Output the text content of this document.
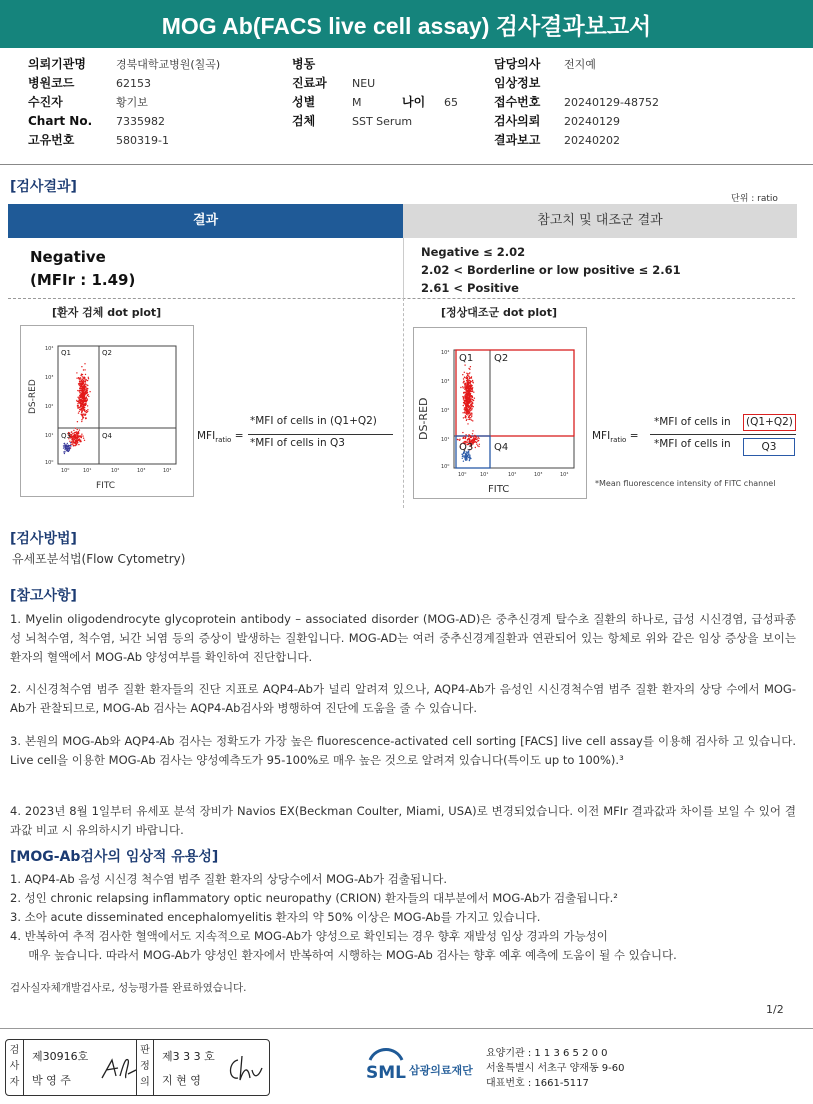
MOG Ab(FACS live cell assay) 검사결과보고서
의뢰기관명	경북대학교병원(칠곡)
병원코드	62153
수진자	황기보
Chart No. 7335982
고유번호	580319-1
병동
진료과 NEU
성별	M	나이 65
검체	SST Serum
담당의사 전지예
임상정보
접수번호 20240129-48752
검사의뢰 20240129
결과보고 20240202
[검사결과]
단위 : ratio
결과	참고치 및 대조군 결과
Negative
(MFIr : 1.49)
Negative ≤ 2.02
2.02 < Borderline or low positive ≤ 2.61
2.61 < Positive
[환자 검체 dot plot]	[정상대조군 dot plot]
Q1	Q2
Q3	Q4
10⁴
10³
10²
10¹
10⁰
10⁰	10¹	10²	10³	10⁴
DS-RED
FITC
$MFI_{ratio}$ =
*MFI of cells in (Q1+Q2)
*MFI of cells in Q3
Q1 Q2
Q3 Q4
10⁴
10³
10²
10¹
10⁰
10⁰	10¹	10²	10³	10⁴
DS-RED
FITC
$MFI_{ratio}$ =
*MFI of cells in (Q1+Q2)
*MFI of cells in	Q3
*Mean fluorescence intensity of FITC channel
[검사방법]
유세포분석법(Flow Cytometry)
[참고사항]
1. Myelin oligodendrocyte glycoprotein antibody – associated disorder (MOG-AD)은 중추신경계 탈수초 질환의 하나로, 급성 시신경염, 급성파종성 뇌척수염, 척수염, 뇌간 뇌염 등의 증상이 발생하는 질환입니다. MOG-AD는 여러 중추신경계질환과 연관되어 있는 항체로 위와 같은 임상 증상을 보이는 환자의 혈액에서 MOG-Ab 양성여부를 확인하여 진단합니다.
2. 시신경척수염 범주 질환 환자들의 진단 지표로 AQP4-Ab가 널리 알려져 있으나, AQP4-Ab가 음성인 시신경척수염 범주 질환 환자의 상당 수에서 MOG-Ab가 관찰되므로, MOG-Ab 검사는 AQP4-Ab검사와 병행하여 진단에 도움을 줄 수 있습니다.
3. 본원의 MOG-Ab와 AQP4-Ab 검사는 정확도가 가장 높은 fluorescence-activated cell sorting [FACS] live cell assay를 이용해 검사하 고 있습니다. Live cell을 이용한 MOG-Ab 검사는 양성예측도가 95-100%로 매우 높은 것으로 알려져 있습니다(특이도 up to 100%).³
4. 2023년 8월 1일부터 유세포 분석 장비가 Navios EX(Beckman Coulter, Miami, USA)로 변경되었습니다. 이전 MFIr 결과값과 차이를 보일 수 있어 결과값 비교 시 유의하시기 바랍니다.
[MOG-Ab검사의 임상적 유용성]
1. AQP4-Ab 음성 시신경 척수염 범주 질환 환자의 상당수에서 MOG-Ab가 검출됩니다.
2. 성인 chronic relapsing inflammatory optic neuropathy (CRION) 환자들의 대부분에서 MOG-Ab가 검출됩니다.²
3. 소아 acute disseminated encephalomyelitis 환자의 약 50% 이상은 MOG-Ab를 가지고 있습니다.
4. 반복하여 추적 검사한 혈액에서도 지속적으로 MOG-Ab가 양성으로 확인되는 경우 향후 재발성 임상 경과의 가능성이
매우 높습니다. 따라서 MOG-Ab가 양성인 환자에서 반복하여 시행하는 MOG-Ab 검사는 향후 예후 예측에 도움이 될 수 있습니다.
검사실자체개발검사로, 성능평가를 완료하였습니다.
1/2
검
사
자
제30916호
박 영 주
판
정
의
제3 3 3 호
지 현 영	SML 삼광의료재단
요양기관 : 1 1 3 6 5 2 0 0
서울특별시 서초구 양재동 9-60
대표번호 : 1661-5117
